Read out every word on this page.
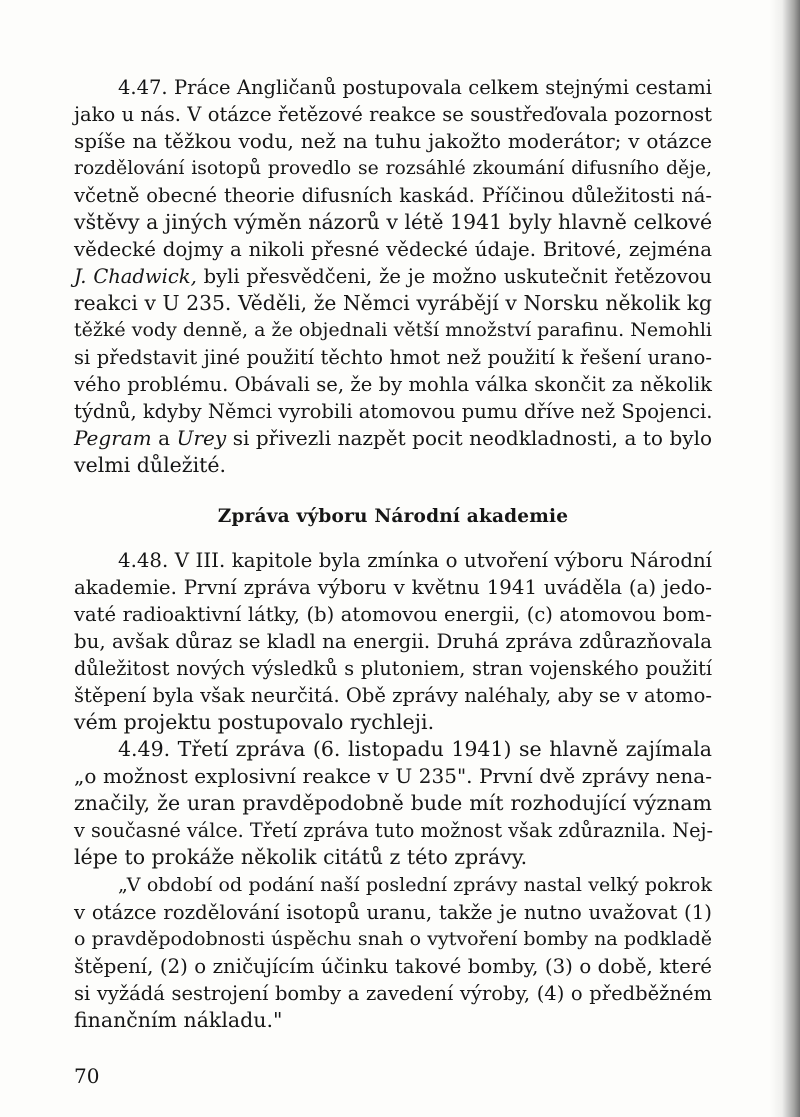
4.47. Práce Angličanů postupovala celkem stejnými cestami
jako u nás. V otázce řetězové reakce se soustřeďovala pozornost
spíše na těžkou vodu, než na tuhu jakožto moderátor; v otázce
rozdělování isotopů provedlo se rozsáhlé zkoumání difusního děje,
včetně obecné theorie difusních kaskád. Příčinou důležitosti ná-
vštěvy a jiných výměn názorů v létě 1941 byly hlavně celkové
vědecké dojmy a nikoli přesné vědecké údaje. Britové, zejména
J. Chadwick, byli přesvědčeni, že je možno uskutečnit řetězovou
reakci v U 235. Věděli, že Němci vyrábějí v Norsku několik kg
těžké vody denně, a že objednali větší množství parafinu. Nemohli
si představit jiné použití těchto hmot než použití k řešení urano-
vého problému. Obávali se, že by mohla válka skončit za několik
týdnů, kdyby Němci vyrobili atomovou pumu dříve než Spojenci.
Pegram a Urey si přivezli nazpět pocit neodkladnosti, a to bylo
velmi důležité.
Zpráva výboru Národní akademie
4.48. V III. kapitole byla zmínka o utvoření výboru Národní
akademie. První zpráva výboru v květnu 1941 uváděla (a) jedo-
vaté radioaktivní látky, (b) atomovou energii, (c) atomovou bom-
bu, avšak důraz se kladl na energii. Druhá zpráva zdůrazňovala
důležitost nových výsledků s plutoniem, stran vojenského použití
štěpení byla však neurčitá. Obě zprávy naléhaly, aby se v atomo-
vém projektu postupovalo rychleji.
4.49. Třetí zpráva (6. listopadu 1941) se hlavně zajímala
„o možnost explosivní reakce v U 235". První dvě zprávy nena-
značily, že uran pravděpodobně bude mít rozhodující význam
v současné válce. Třetí zpráva tuto možnost však zdůraznila. Nej-
lépe to prokáže několik citátů z této zprávy.
„V období od podání naší poslední zprávy nastal velký pokrok
v otázce rozdělování isotopů uranu, takže je nutno uvažovat (1)
o pravděpodobnosti úspěchu snah o vytvoření bomby na podkladě
štěpení, (2) o zničujícím účinku takové bomby, (3) o době, které
si vyžádá sestrojení bomby a zavedení výroby, (4) o předběžném
finančním nákladu."
70
